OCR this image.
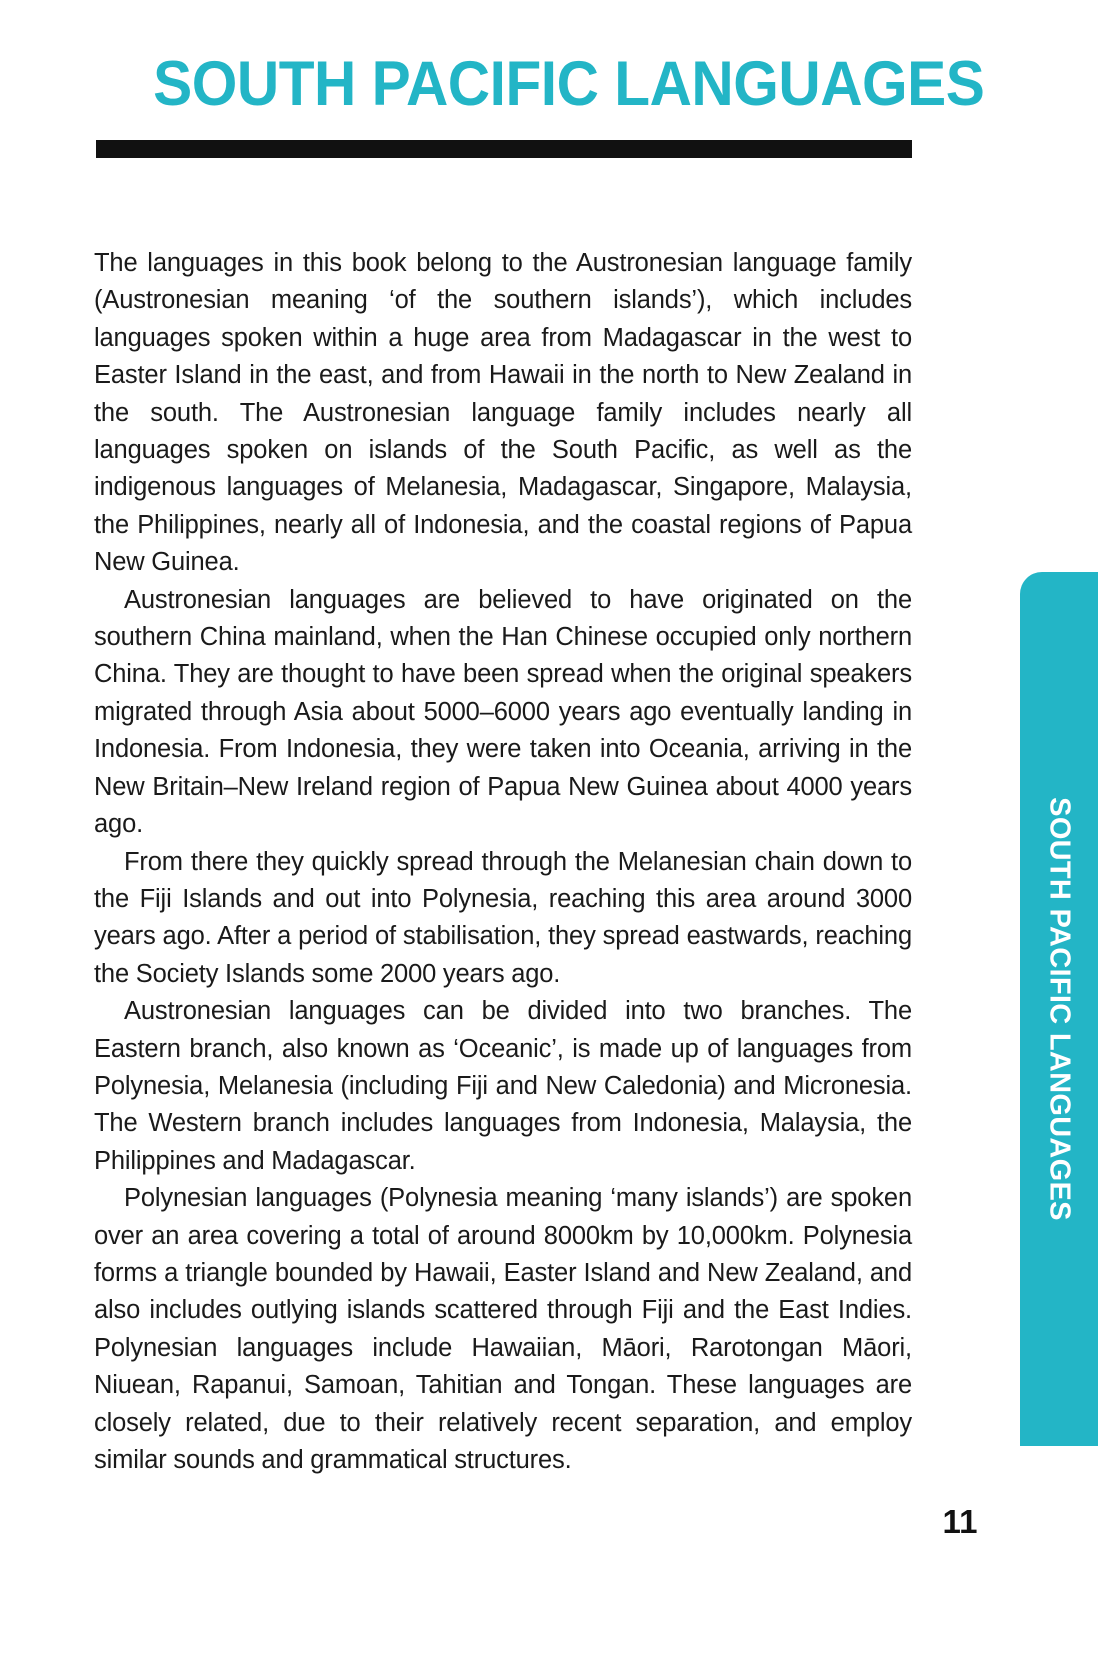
SOUTH PACIFIC LANGUAGES

The languages in this book belong to the Austronesian language family (Austronesian meaning ‘of the southern islands’), which includes languages spoken within a huge area from Madagascar in the west to Easter Island in the east, and from Hawaii in the north to New Zealand in the south. The Austronesian language family includes nearly all languages spoken on islands of the South Pacific, as well as the indigenous languages of Melanesia, Madagascar, Singapore, Malaysia, the Philippines, nearly all of Indonesia, and the coastal regions of Papua New Guinea.

Austronesian languages are believed to have originated on the southern China mainland, when the Han Chinese occupied only northern China. They are thought to have been spread when the original speakers migrated through Asia about 5000–6000 years ago eventually landing in Indonesia. From Indonesia, they were taken into Oceania, arriving in the New Britain–New Ireland region of Papua New Guinea about 4000 years ago.

From there they quickly spread through the Melanesian chain down to the Fiji Islands and out into Polynesia, reaching this area around 3000 years ago. After a period of stabilisation, they spread eastwards, reaching the Society Islands some 2000 years ago.

Austronesian languages can be divided into two branches. The Eastern branch, also known as ‘Oceanic’, is made up of languages from Polynesia, Melanesia (including Fiji and New Caledonia) and Micronesia. The Western branch includes languages from Indonesia, Malaysia, the Philippines and Madagascar.

Polynesian languages (Polynesia meaning ‘many islands’) are spoken over an area covering a total of around 8000km by 10,000km. Polynesia forms a triangle bounded by Hawaii, Easter Island and New Zealand, and also includes outlying islands scattered through Fiji and the East Indies. Polynesian languages include Hawaiian, Māori, Rarotongan Māori, Niuean, Rapanui, Samoan, Tahitian and Tongan. These languages are closely related, due to their relatively recent separation, and employ similar sounds and grammatical structures.

SOUTH PACIFIC LANGUAGES
11
